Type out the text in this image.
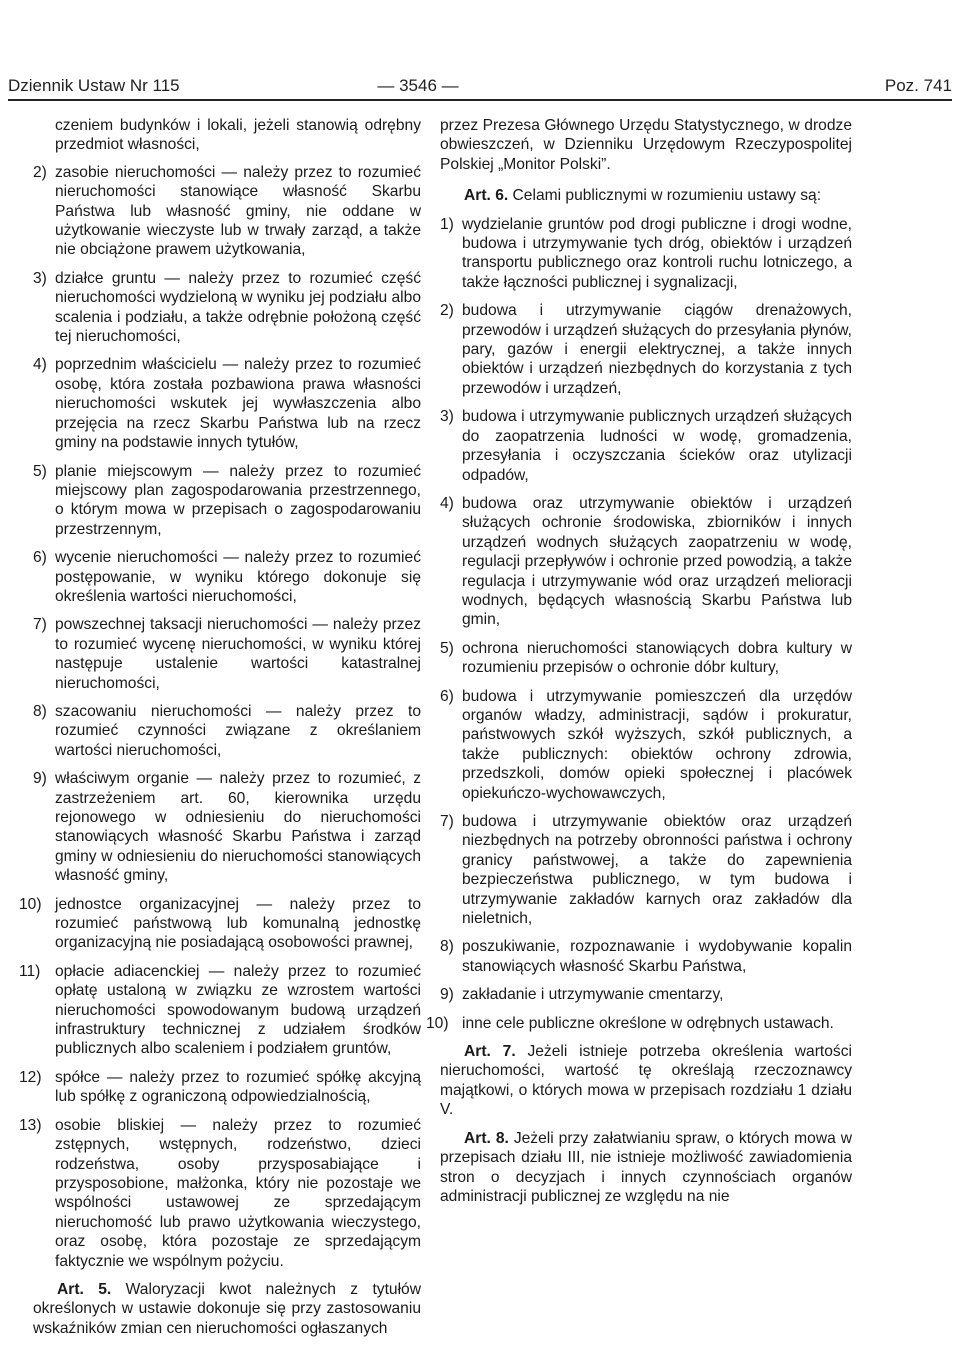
Dziennik Ustaw Nr 115	— 3546 —	Poz. 741
czeniem budynków i lokali, jeżeli stanowią odrębny przedmiot własności,
2) zasobie nieruchomości — należy przez to rozumieć nieruchomości stanowiące własność Skarbu Państwa lub własność gminy, nie oddane w użytkowanie wieczyste lub w trwały zarząd, a także nie obciążone prawem użytkowania,
3) działce gruntu — należy przez to rozumieć część nieruchomości wydzieloną w wyniku jej podziału albo scalenia i podziału, a także odrębnie położoną część tej nieruchomości,
4) poprzednim właścicielu — należy przez to rozumieć osobę, która została pozbawiona prawa własności nieruchomości wskutek jej wywłaszczenia albo przejęcia na rzecz Skarbu Państwa lub na rzecz gminy na podstawie innych tytułów,
5) planie miejscowym — należy przez to rozumieć miejscowy plan zagospodarowania przestrzennego, o którym mowa w przepisach o zagospodarowaniu przestrzennym,
6) wycenie nieruchomości — należy przez to rozumieć postępowanie, w wyniku którego dokonuje się określenia wartości nieruchomości,
7) powszechnej taksacji nieruchomości — należy przez to rozumieć wycenę nieruchomości, w wyniku której następuje ustalenie wartości katastralnej nieruchomości,
8) szacowaniu nieruchomości — należy przez to rozumieć czynności związane z określaniem wartości nieruchomości,
9) właściwym organie — należy przez to rozumieć, z zastrzeżeniem art. 60, kierownika urzędu rejonowego w odniesieniu do nieruchomości stanowiących własność Skarbu Państwa i zarząd gminy w odniesieniu do nieruchomości stanowiących własność gminy,
10) jednostce organizacyjnej — należy przez to rozumieć państwową lub komunalną jednostkę organizacyjną nie posiadającą osobowości prawnej,
11) opłacie adiacenckiej — należy przez to rozumieć opłatę ustaloną w związku ze wzrostem wartości nieruchomości spowodowanym budową urządzeń infrastruktury technicznej z udziałem środków publicznych albo scaleniem i podziałem gruntów,
12) spółce — należy przez to rozumieć spółkę akcyjną lub spółkę z ograniczoną odpowiedzialnością,
13) osobie bliskiej — należy przez to rozumieć zstępnych, wstępnych, rodzeństwo, dzieci rodzeństwa, osoby przysposabiające i przysposobione, małżonka, który nie pozostaje we wspólności ustawowej ze sprzedającym nieruchomość lub prawo użytkowania wieczystego, oraz osobę, która pozostaje ze sprzedającym faktycznie we wspólnym pożyciu.
Art. 5. Waloryzacji kwot należnych z tytułów określonych w ustawie dokonuje się przy zastosowaniu wskaźników zmian cen nieruchomości ogłaszanych
przez Prezesa Głównego Urzędu Statystycznego, w drodze obwieszczeń, w Dzienniku Urzędowym Rzeczypospolitej Polskiej „Monitor Polski”.
Art. 6. Celami publicznymi w rozumieniu ustawy są:
1) wydzielanie gruntów pod drogi publiczne i drogi wodne, budowa i utrzymywanie tych dróg, obiektów i urządzeń transportu publicznego oraz kontroli ruchu lotniczego, a także łączności publicznej i sygnalizacji,
2) budowa i utrzymywanie ciągów drenażowych, przewodów i urządzeń służących do przesyłania płynów, pary, gazów i energii elektrycznej, a także innych obiektów i urządzeń niezbędnych do korzystania z tych przewodów i urządzeń,
3) budowa i utrzymywanie publicznych urządzeń służących do zaopatrzenia ludności w wodę, gromadzenia, przesyłania i oczyszczania ścieków oraz utylizacji odpadów,
4) budowa oraz utrzymywanie obiektów i urządzeń służących ochronie środowiska, zbiorników i innych urządzeń wodnych służących zaopatrzeniu w wodę, regulacji przepływów i ochronie przed powodzią, a także regulacja i utrzymywanie wód oraz urządzeń melioracji wodnych, będących własnością Skarbu Państwa lub gmin,
5) ochrona nieruchomości stanowiących dobra kultury w rozumieniu przepisów o ochronie dóbr kultury,
6) budowa i utrzymywanie pomieszczeń dla urzędów organów władzy, administracji, sądów i prokuratur, państwowych szkół wyższych, szkół publicznych, a także publicznych: obiektów ochrony zdrowia, przedszkoli, domów opieki społecznej i placówek opiekuńczo-wychowawczych,
7) budowa i utrzymywanie obiektów oraz urządzeń niezbędnych na potrzeby obronności państwa i ochrony granicy państwowej, a także do zapewnienia bezpieczeństwa publicznego, w tym budowa i utrzymywanie zakładów karnych oraz zakładów dla nieletnich,
8) poszukiwanie, rozpoznawanie i wydobywanie kopalin stanowiących własność Skarbu Państwa,
9) zakładanie i utrzymywanie cmentarzy,
10) inne cele publiczne określone w odrębnych ustawach.
Art. 7. Jeżeli istnieje potrzeba określenia wartości nieruchomości, wartość tę określają rzeczoznawcy majątkowi, o których mowa w przepisach rozdziału 1 działu V.
Art. 8. Jeżeli przy załatwianiu spraw, o których mowa w przepisach działu III, nie istnieje możliwość zawiadomienia stron o decyzjach i innych czynnościach organów administracji publicznej ze względu na nie
